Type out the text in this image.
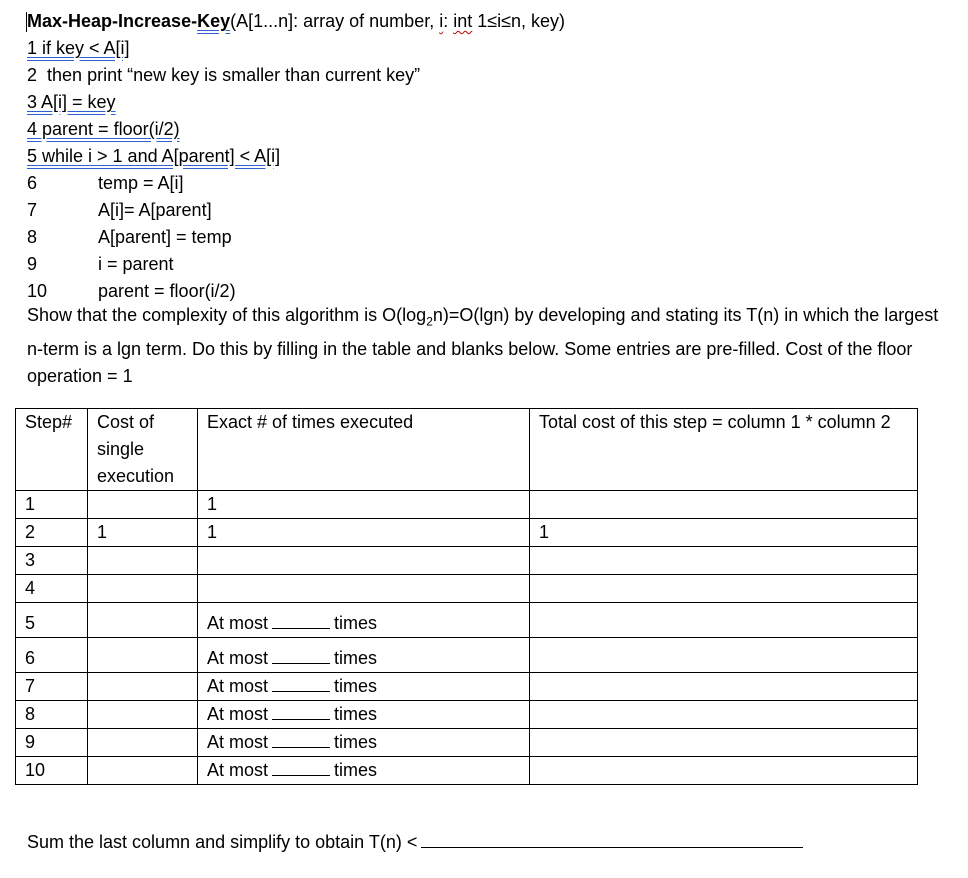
Max-Heap-Increase-Key(A[1...n]: array of number, i: int 1≤i≤n, key)
1 if key < A[i]
2 then print “new key is smaller than current key”
3 A[i] = key
4 parent = floor(i/2)
5 while i > 1 and A[parent] < A[i]
6	temp = A[i]
7	A[i]= A[parent]
8	A[parent] = temp
9	i = parent
10	parent = floor(i/2)
Show that the complexity of this algorithm is $O(\log_2n)=O(\lg n)$ by developing and stating its T(n) in which the largest n-term is a lgn term. Do this by filling in the table and blanks below. Some entries are pre-filled. Cost of the floor operation = 1
Step#	Cost of single execution	Exact # of times executed	Total cost of this step = column 1 * column 2
1		1	
2	1	1	1
3			
4			
5		At most times	
6		At most times	
7		At most times	
8		At most times	
9		At most times	
10		At most times	
Sum the last column and simplify to obtain T(n) <
